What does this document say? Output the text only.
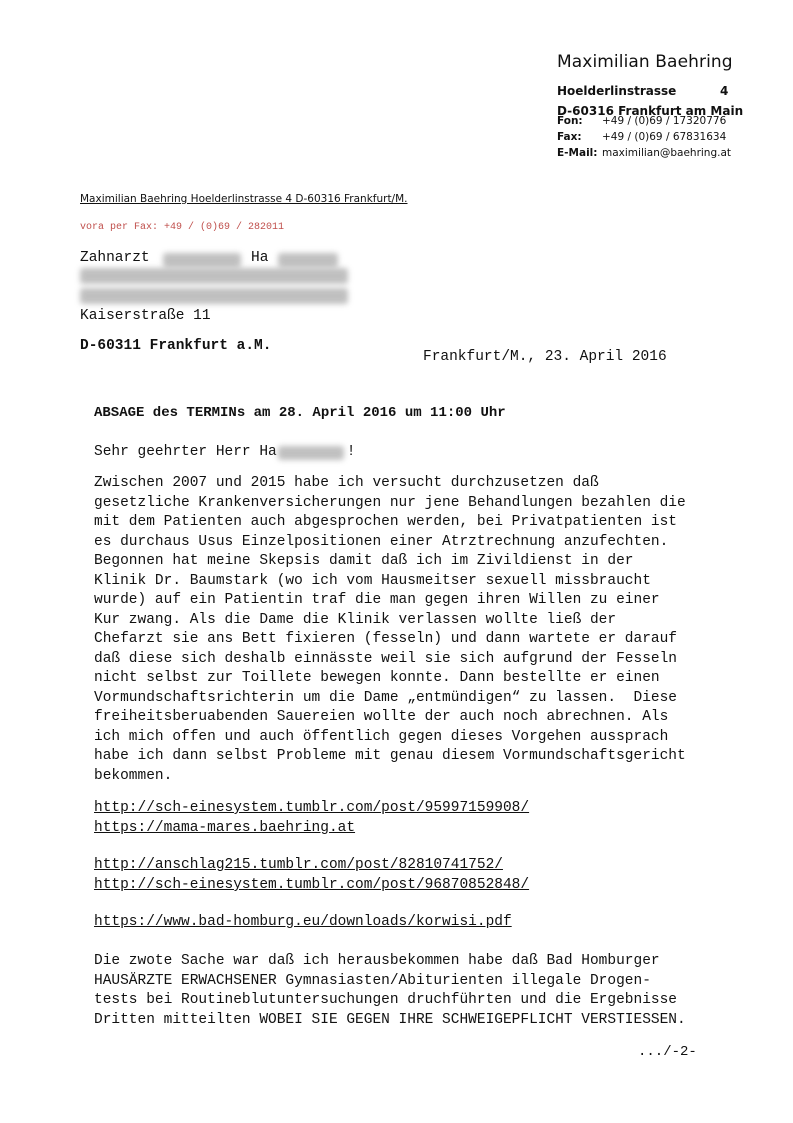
Maximilian Baehring
Hoelderlinstrasse	4
D-60316 Frankfurt am Main
Fon: +49 / (0)69 / 17320776
Fax: +49 / (0)69 / 67831634
E-Mail: maximilian@baehring.at
Maximilian Baehring Hoelderlinstrasse 4 D-60316 Frankfurt/M.
vora per Fax: +49 / (0)69 / 282011
Zahnarzt	Ha
Kaiserstraße 11
D-60311 Frankfurt a.M.
Frankfurt/M., 23. April 2016
ABSAGE des TERMINs am 28. April 2016 um 11:00 Uhr
Sehr geehrter Herr Ha	!
Zwischen 2007 und 2015 habe ich versucht durchzusetzen daß
gesetzliche Krankenversicherungen nur jene Behandlungen bezahlen die
mit dem Patienten auch abgesprochen werden, bei Privatpatienten ist
es durchaus Usus Einzelpositionen einer Atrztrechnung anzufechten.
Begonnen hat meine Skepsis damit daß ich im Zivildienst in der
Klinik Dr. Baumstark (wo ich vom Hausmeitser sexuell missbraucht
wurde) auf ein Patientin traf die man gegen ihren Willen zu einer
Kur zwang. Als die Dame die Klinik verlassen wollte ließ der
Chefarzt sie ans Bett fixieren (fesseln) und dann wartete er darauf
daß diese sich deshalb einnässte weil sie sich aufgrund der Fesseln
nicht selbst zur Toillete bewegen konnte. Dann bestellte er einen
Vormundschaftsrichterin um die Dame „entmündigen“ zu lassen.  Diese
freiheitsberuabenden Sauereien wollte der auch noch abrechnen. Als
ich mich offen und auch öffentlich gegen dieses Vorgehen aussprach
habe ich dann selbst Probleme mit genau diesem Vormundschaftsgericht
bekommen.
http://sch-einesystem.tumblr.com/post/95997159908/
https://mama-mares.baehring.at
http://anschlag215.tumblr.com/post/82810741752/
http://sch-einesystem.tumblr.com/post/96870852848/
https://www.bad-homburg.eu/downloads/korwisi.pdf
Die zwote Sache war daß ich herausbekommen habe daß Bad Homburger
HAUSÄRZTE ERWACHSENER Gymnasiasten/Abiturienten illegale Drogen-
tests bei Routineblutuntersuchungen druchführten und die Ergebnisse
Dritten mitteilten WOBEI SIE GEGEN IHRE SCHWEIGEPFLICHT VERSTIESSEN.
.../-2-
